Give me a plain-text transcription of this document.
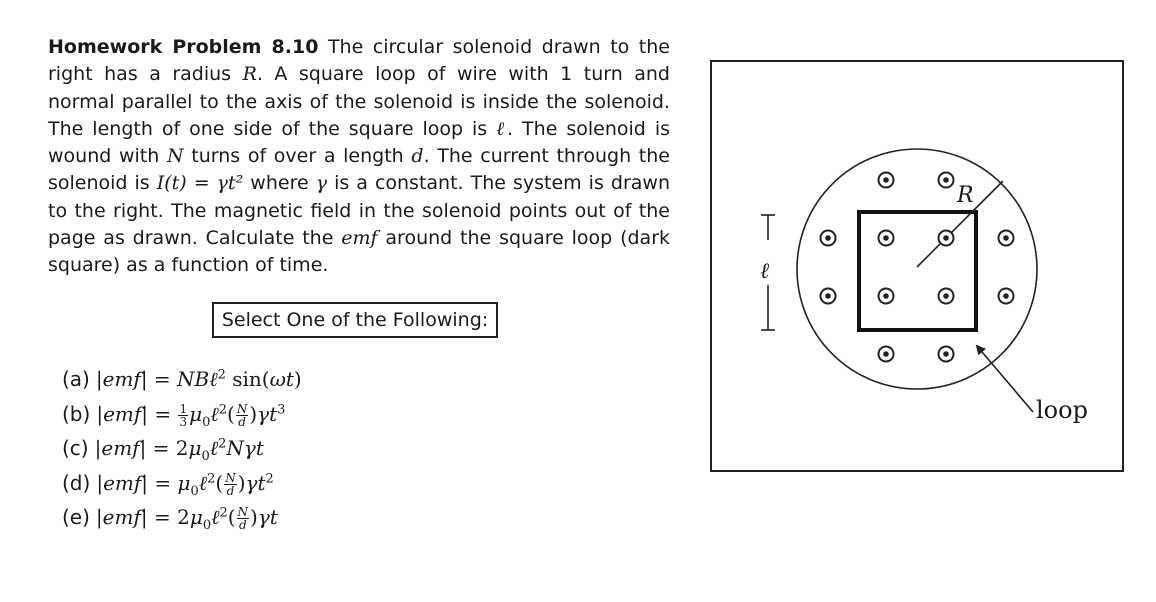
Homework Problem 8.10 The circular solenoid drawn to the right has a radius R. A square loop of wire with 1 turn and normal parallel to the axis of the solenoid is inside the solenoid. The length of one side of the square loop is ℓ. The solenoid is wound with N turns of over a length d. The current through the solenoid is I(t) = γt² where γ is a constant. The system is drawn to the right. The magnetic field in the solenoid points out of the page as drawn. Calculate the emf around the square loop (dark square) as a function of time.
Select One of the Following:
(a) |emf| = NBℓ$^2$ sin(ωt)
(b) $|emf| = \frac{1}{3}$ $\mu_0\ell^2( \frac{N}{d} )\gamma t^3$
(c) $|emf| = 2\mu_0\ell^2N\gamma t$
(d) $|emf| = \mu_0\ell^2( \frac{N}{d} )\gamma t^2$
(e) $|emf| = 2\mu_0\ell^2( \frac{N}{d} )\gamma t$
R
ℓ
loop
